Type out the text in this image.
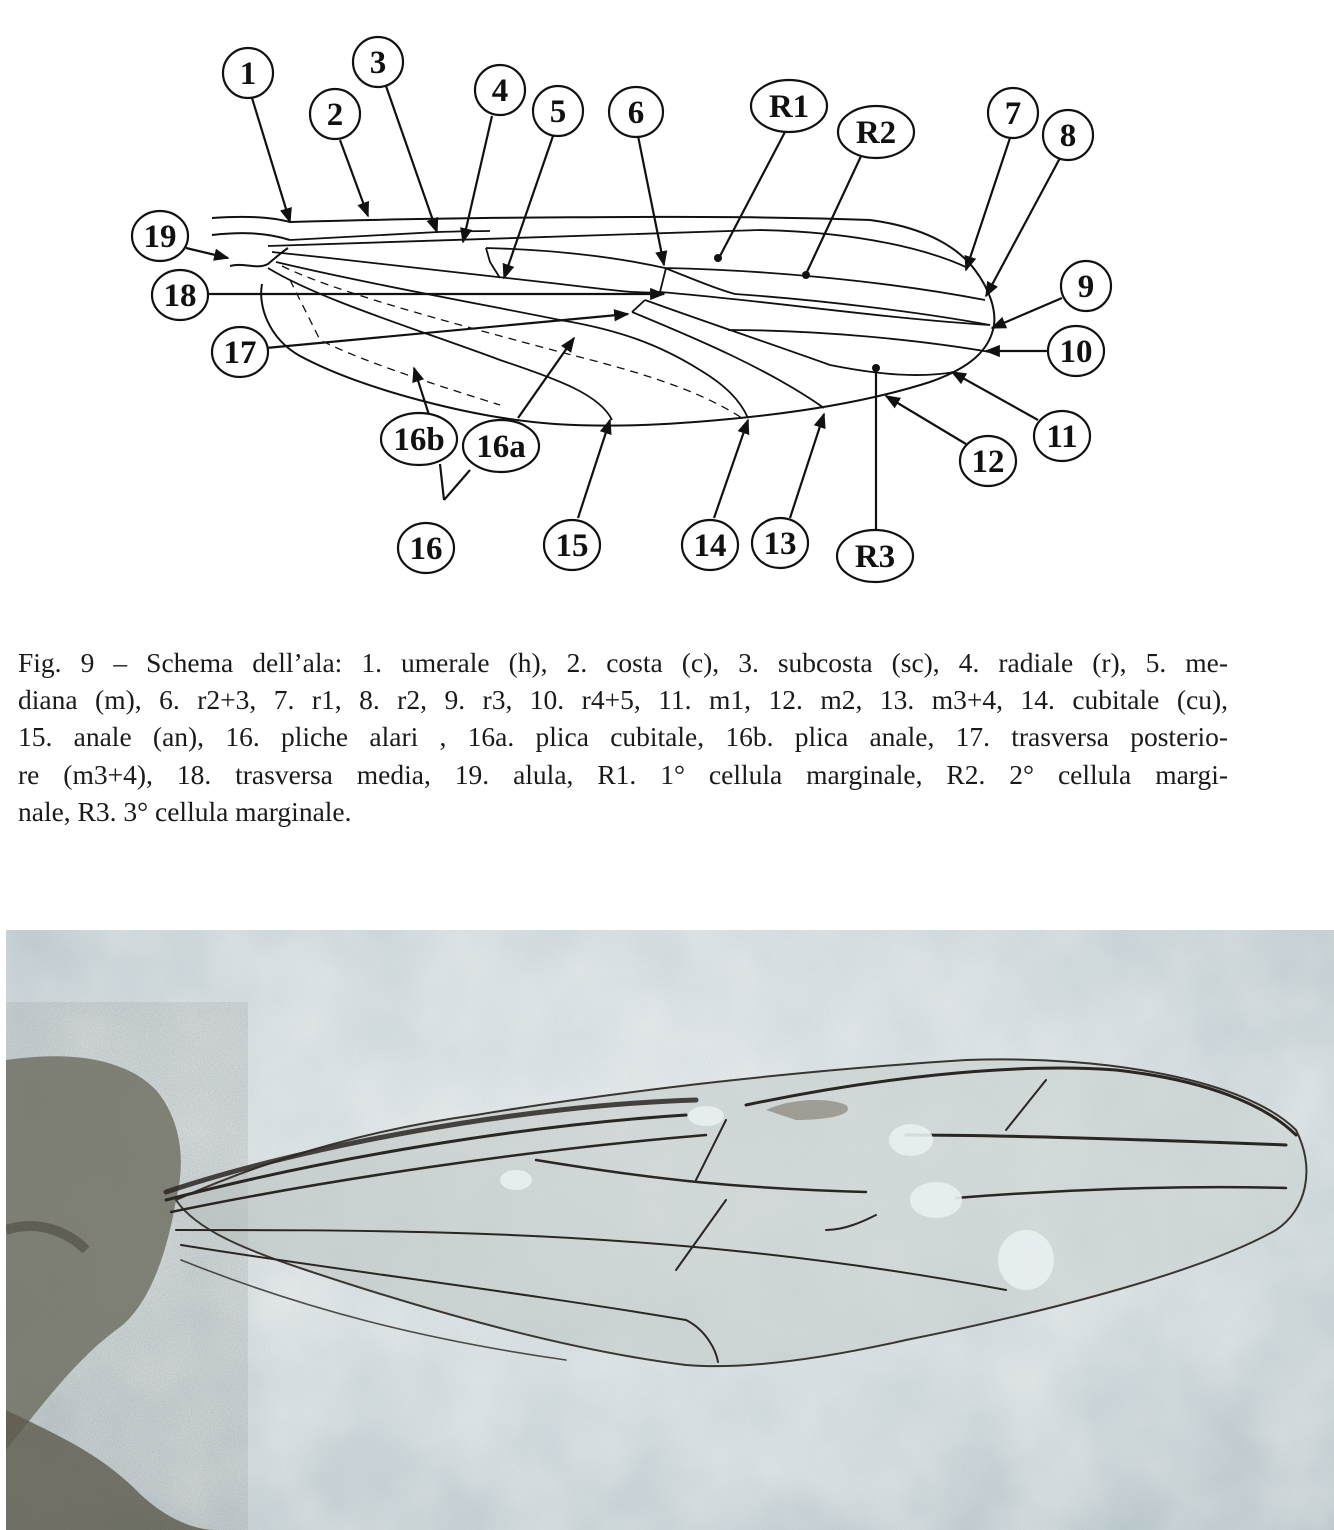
1
2
3
4
5 6	R1
R2
7
8
9
10
11
12
R3
13
14
15
16
16a
16b
17
18
19
Fig. 9 – Schema dell’ala: 1. umerale (h), 2. costa (c), 3. subcosta (sc), 4. radiale (r), 5. me-
diana (m), 6. r2+3, 7. r1, 8. r2, 9. r3, 10. r4+5, 11. m1, 12. m2, 13. m3+4, 14. cubitale (cu),
15. anale (an), 16. pliche alari , 16a. plica cubitale, 16b. plica anale, 17. trasversa posterio-
re (m3+4), 18. trasversa media, 19. alula, R1. 1° cellula marginale, R2. 2° cellula margi-
nale, R3. 3° cellula marginale.
